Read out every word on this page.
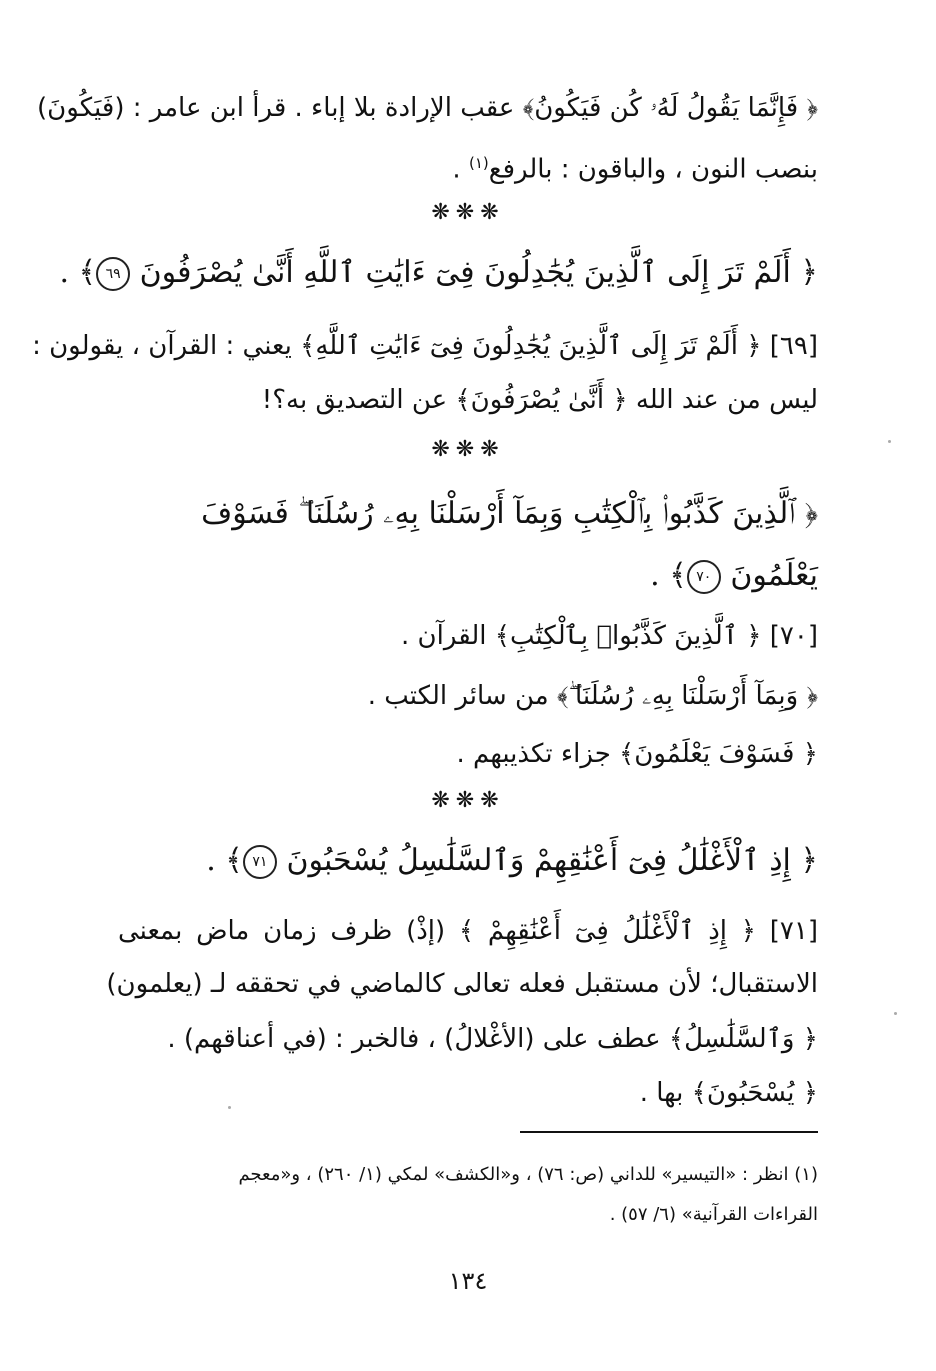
﴿ فَإِنَّمَا يَقُولُ لَهُۥ كُن فَيَكُونُ﴾ عقب الإرادة بلا إباء . قرأ ابن عامر : (فَيَكُونَ)
بنصب النون ، والباقون : بالرفع$^{(١)}$ .
❋❋❋
﴿ أَلَمْ تَرَ إِلَى ٱلَّذِينَ يُجَٰدِلُونَ فِىٓ ءَايَٰتِ ٱللَّهِ أَنَّىٰ يُصْرَفُونَ ٦٩﴾ .
[٦٩] ﴿ أَلَمْ تَرَ إِلَى ٱلَّذِينَ يُجَٰدِلُونَ فِىٓ ءَايَٰتِ ٱللَّهِ﴾ يعني : القرآن ، يقولون :
ليس من عند الله ﴿ أَنَّىٰ يُصْرَفُونَ﴾ عن التصديق به؟!
❋❋❋
﴿ ٱلَّذِينَ كَذَّبُوا۟ بِٱلْكِتَٰبِ وَبِمَآ أَرْسَلْنَا بِهِۦ رُسُلَنَا ۖ فَسَوْفَ
يَعْلَمُونَ ٧٠﴾ .
[٧٠] ﴿ ٱلَّذِينَ كَذَّبُوا۟ بِٱلْكِتَٰبِ﴾ القرآن .
﴿ وَبِمَآ أَرْسَلْنَا بِهِۦ رُسُلَنَا ۖ﴾ من سائر الكتب .
﴿ فَسَوْفَ يَعْلَمُونَ﴾ جزاء تكذيبهم .
❋❋❋
﴿ إِذِ ٱلْأَغْلَٰلُ فِىٓ أَعْنَٰقِهِمْ وَٱلسَّلَٰسِلُ يُسْحَبُونَ ٧١﴾ .
[٧١] ﴿ إِذِ ٱلْأَغْلَٰلُ فِىٓ أَعْنَٰقِهِمْ ﴾ (إذْ) ظرف زمان ماض بمعنى
الاستقبال؛ لأن مستقبل فعله تعالى كالماضي في تحققه لـ (يعلمون)
﴿ وَٱلسَّلَٰسِلُ﴾ عطف على (الأغْلالُ) ، فالخبر : (في أعناقهم) .
﴿ يُسْحَبُونَ﴾ بها .
(١) انظر : «التيسير» للداني (ص: ٧٦) ، و«الكشف» لمكي (١/ ٢٦٠) ، و«معجم
القراءات القرآنية» (٦/ ٥٧) .
١٣٤
